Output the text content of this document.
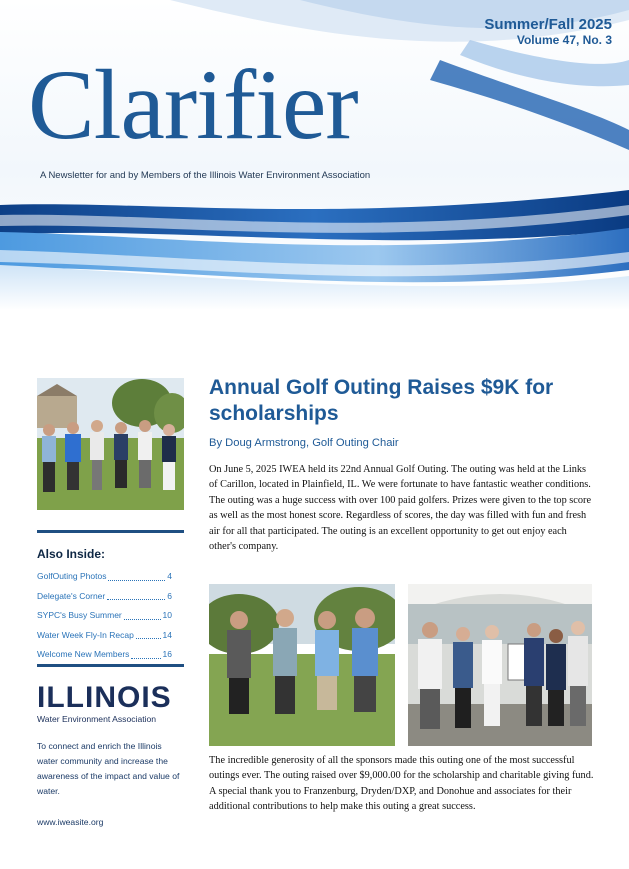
Summer/Fall 2025
Volume 47, No. 3
Clarifier
A Newsletter for and by Members of the Illinois Water Environment Association
Also Inside:
GolfOuting Photos	4
Delegate's Corner	6
SYPC's Busy Summer	10
Water Week Fly-In Recap	14
Welcome New Members	16
ILLINOIS
Water Environment Association
To connect and enrich the Illinois water community and increase the awareness of the impact and value of water.
www.iweasite.org
Annual Golf Outing Raises $9K for scholarships
By Doug Armstrong, Golf Outing Chair
On June 5, 2025 IWEA held its 22nd Annual Golf Outing. The outing was held at the Links of Carillon, located in Plainfield, IL. We were fortunate to have fantastic weather conditions. The outing was a huge success with over 100 paid golfers. Prizes were given to the top score as well as the most honest score. Regardless of scores, the day was filled with fun and fresh air for all that participated. The outing is an excellent opportunity to get out enjoy each other's company.
The incredible generosity of all the sponsors made this outing one of the most successful outings ever. The outing raised over $9,000.00 for the scholarship and charitable giving fund. A special thank you to Franzenburg, Dryden/DXP, and Donohue and associates for their additional contributions to help make this outing a great success.
